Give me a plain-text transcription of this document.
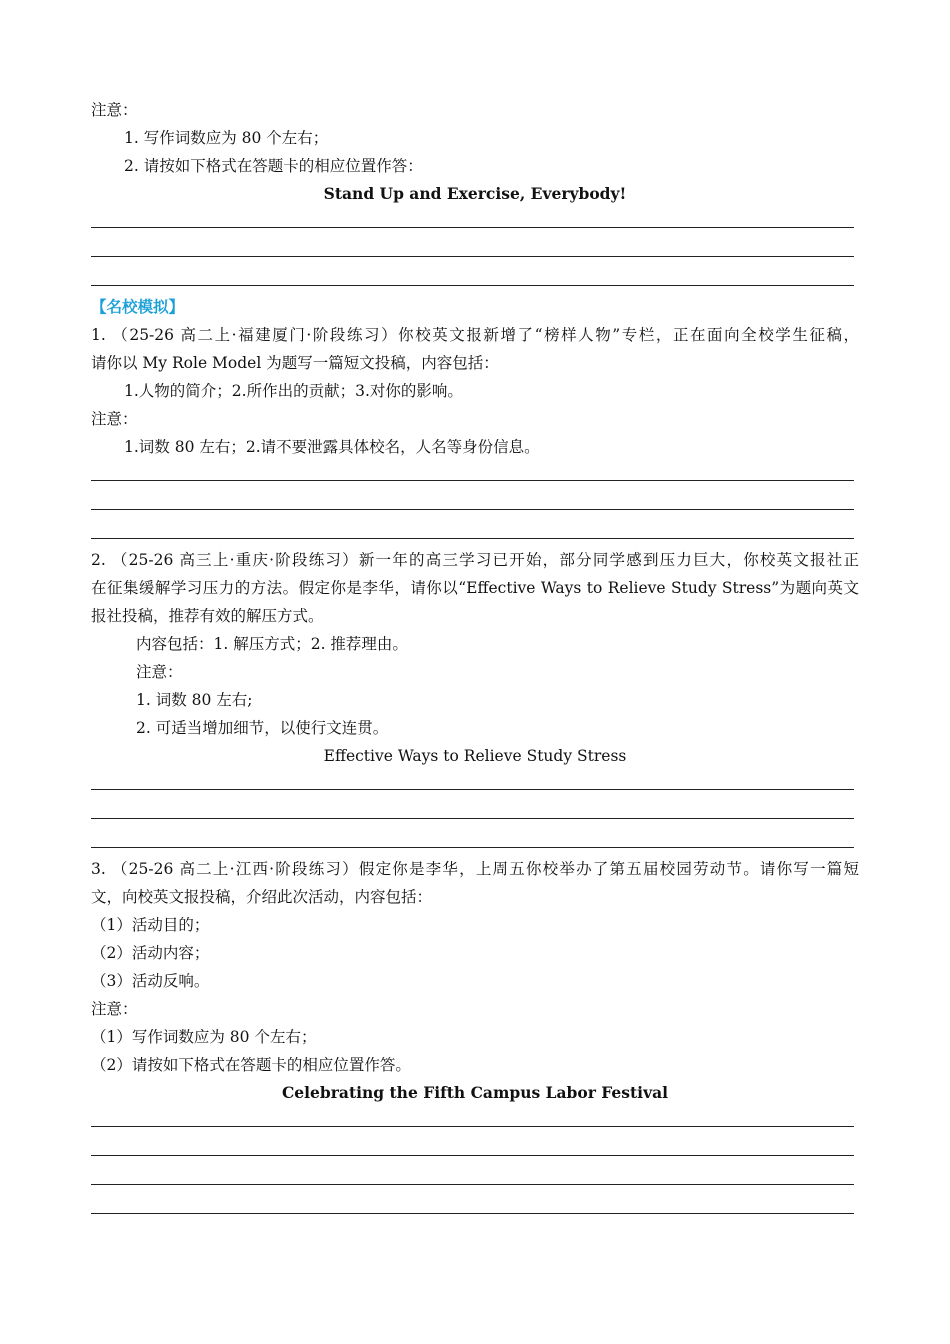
注意：
1. 写作词数应为 80 个左右；
2. 请按如下格式在答题卡的相应位置作答：
Stand Up and Exercise, Everybody!
【名校模拟】
1. （25-26 高二上·福建厦门·阶段练习）你校英文报新增了“榜样人物”专栏，正在面向全校学生征稿，
请你以 My Role Model 为题写一篇短文投稿，内容包括：
1.人物的简介；2.所作出的贡献；3.对你的影响。
注意：
1.词数 80 左右；2.请不要泄露具体校名，人名等身份信息。
2. （25-26 高三上·重庆·阶段练习）新一年的高三学习已开始，部分同学感到压力巨大，你校英文报社正
在征集缓解学习压力的方法。假定你是李华，请你以“Effective Ways to Relieve Study Stress”为题向英文
报社投稿，推荐有效的解压方式。
内容包括：1. 解压方式；2. 推荐理由。
注意：
1. 词数 80 左右;
2. 可适当增加细节，以使行文连贯。
Effective Ways to Relieve Study Stress
3. （25-26 高二上·江西·阶段练习）假定你是李华，上周五你校举办了第五届校园劳动节。请你写一篇短
文，向校英文报投稿，介绍此次活动，内容包括：
（1）活动目的；
（2）活动内容；
（3）活动反响。
注意：
（1）写作词数应为 80 个左右；
（2）请按如下格式在答题卡的相应位置作答。
Celebrating the Fifth Campus Labor Festival
